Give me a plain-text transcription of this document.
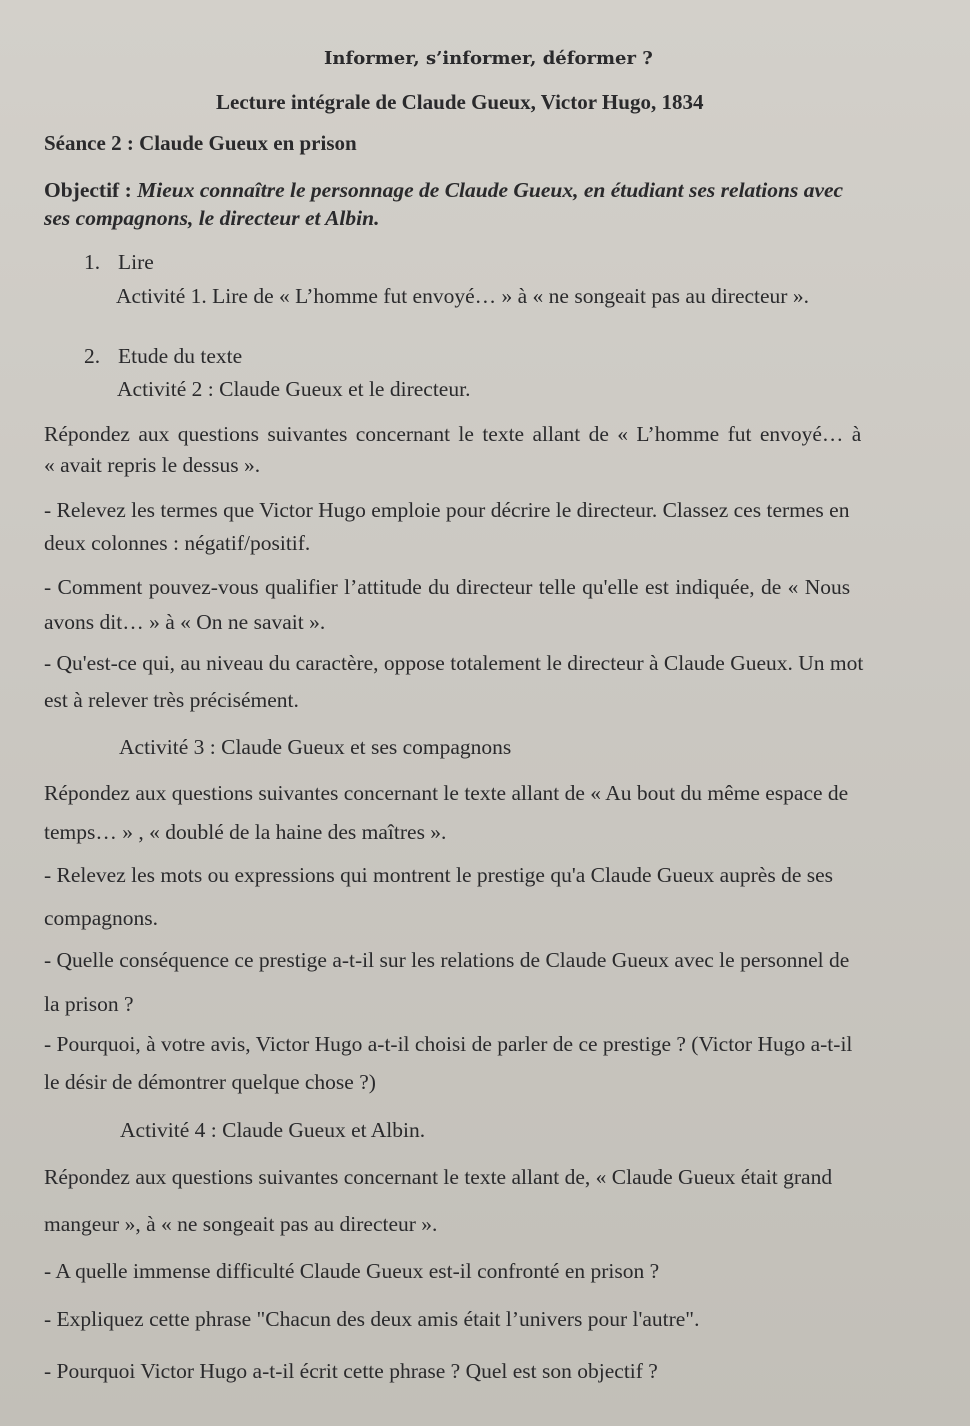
Informer, s’informer, déformer ?
Lecture intégrale de Claude Gueux, Victor Hugo, 1834
Séance 2 : Claude Gueux en prison
Objectif : Mieux connaître le personnage de Claude Gueux, en étudiant ses relations avec
ses compagnons, le directeur et Albin.
1. Lire
Activité 1. Lire de « L’homme fut envoyé… » à « ne songeait pas au directeur ».
2. Etude du texte
Activité 2 : Claude Gueux et le directeur.
Répondez aux questions suivantes concernant le texte allant de « L’homme fut envoyé… à
« avait repris le dessus ».
- Relevez les termes que Victor Hugo emploie pour décrire le directeur. Classez ces termes en
deux colonnes : négatif/positif.
- Comment pouvez-vous qualifier l’attitude du directeur telle qu'elle est indiquée, de « Nous
avons dit… » à « On ne savait ».
- Qu'est-ce qui, au niveau du caractère, oppose totalement le directeur à Claude Gueux. Un mot
est à relever très précisément.
Activité 3 : Claude Gueux et ses compagnons
Répondez aux questions suivantes concernant le texte allant de « Au bout du même espace de
temps… » , « doublé de la haine des maîtres ».
- Relevez les mots ou expressions qui montrent le prestige qu'a Claude Gueux auprès de ses
compagnons.
- Quelle conséquence ce prestige a-t-il sur les relations de Claude Gueux avec le personnel de
la prison ?
- Pourquoi, à votre avis, Victor Hugo a-t-il choisi de parler de ce prestige ? (Victor Hugo a-t-il
le désir de démontrer quelque chose ?)
Activité 4 : Claude Gueux et Albin.
Répondez aux questions suivantes concernant le texte allant de, « Claude Gueux était grand
mangeur », à « ne songeait pas au directeur ».
- A quelle immense difficulté Claude Gueux est-il confronté en prison ?
- Expliquez cette phrase "Chacun des deux amis était l’univers pour l'autre".
- Pourquoi Victor Hugo a-t-il écrit cette phrase ? Quel est son objectif ?
